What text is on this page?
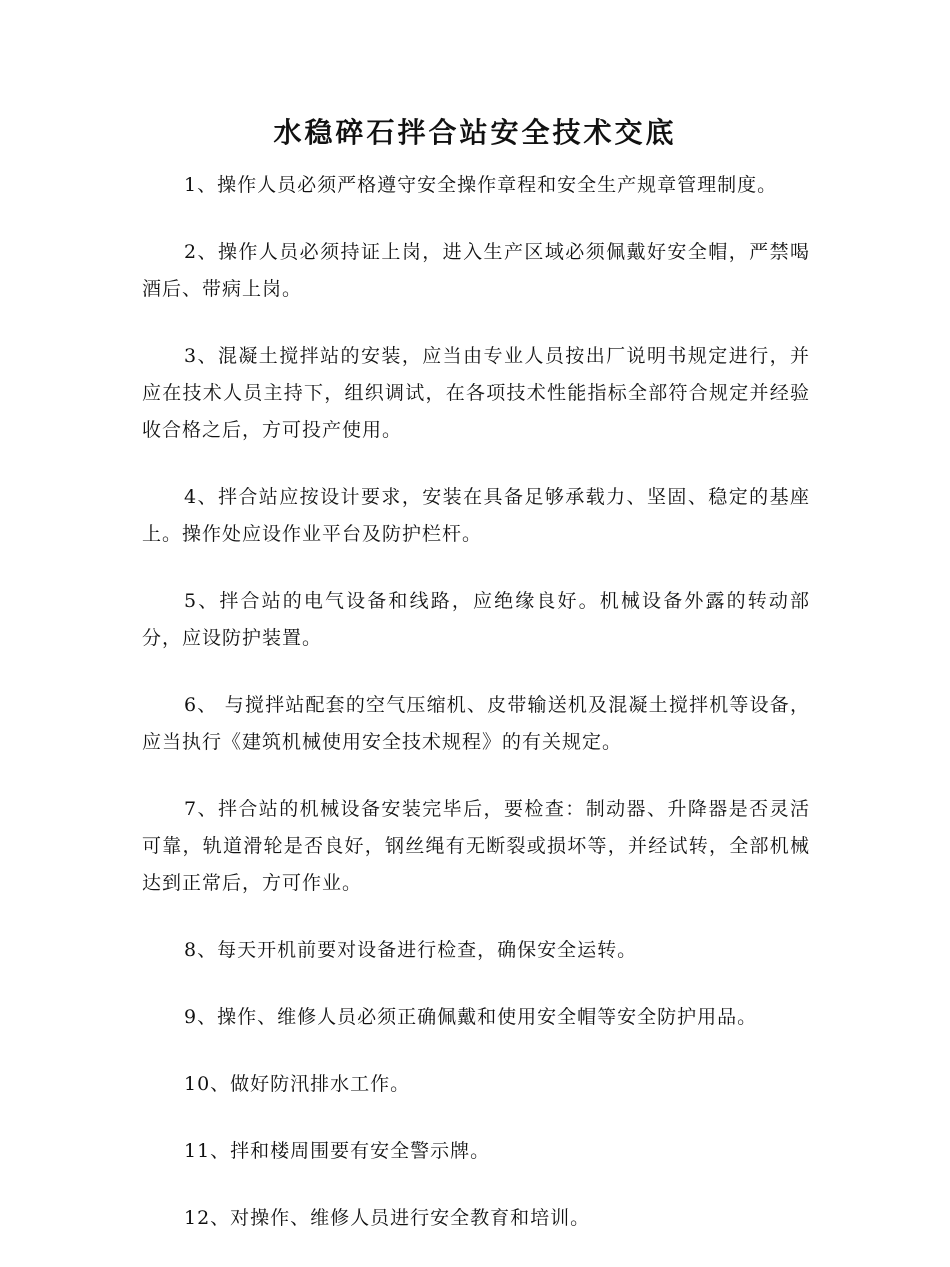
水稳碎石拌合站安全技术交底

1、操作人员必须严格遵守安全操作章程和安全生产规章管理制度。

2、操作人员必须持证上岗，进入生产区域必须佩戴好安全帽，严禁喝酒后、带病上岗。

3、混凝土搅拌站的安装，应当由专业人员按出厂说明书规定进行，并应在技术人员主持下，组织调试，在各项技术性能指标全部符合规定并经验收合格之后，方可投产使用。

4、拌合站应按设计要求，安装在具备足够承载力、坚固、稳定的基座上。操作处应设作业平台及防护栏杆。

5、拌合站的电气设备和线路，应绝缘良好。机械设备外露的转动部分，应设防护装置。

6、 与搅拌站配套的空气压缩机、皮带输送机及混凝土搅拌机等设备，应当执行《建筑机械使用安全技术规程》的有关规定。

7、拌合站的机械设备安装完毕后，要检查：制动器、升降器是否灵活可靠，轨道滑轮是否良好，钢丝绳有无断裂或损坏等，并经试转，全部机械达到正常后，方可作业。

8、每天开机前要对设备进行检查，确保安全运转。

9、操作、维修人员必须正确佩戴和使用安全帽等安全防护用品。

10、做好防汛排水工作。

11、拌和楼周围要有安全警示牌。

12、对操作、维修人员进行安全教育和培训。
